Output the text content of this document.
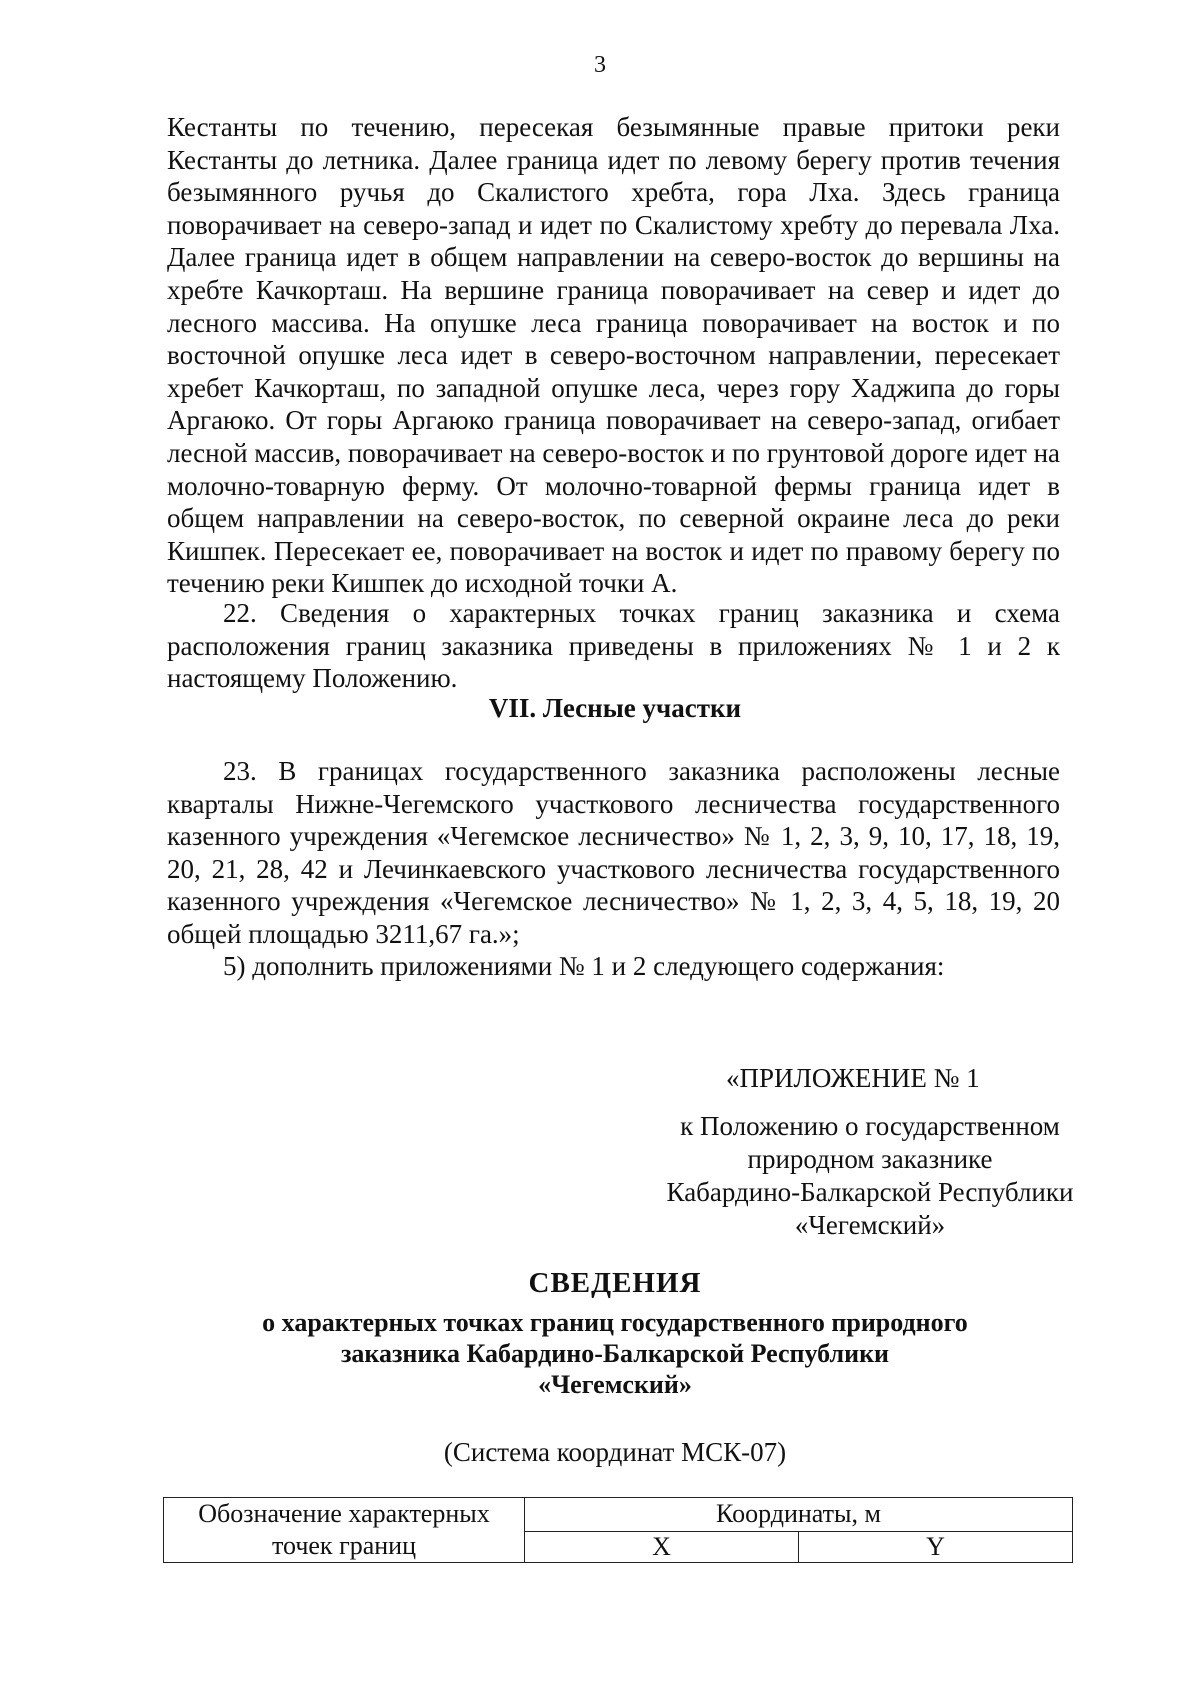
3

Кестанты по течению, пересекая безымянные правые притоки реки Кестанты до летника. Далее граница идет по левому берегу против течения безымянного ручья до Скалистого хребта, гора Лха. Здесь граница поворачивает на северо-запад и идет по Скалистому хребту до перевала Лха. Далее граница идет в общем направлении на северо-восток до вершины на хребте Качкорташ. На вершине граница поворачивает на север и идет до лесного массива. На опушке леса граница поворачивает на восток и по восточной опушке леса идет в северо-восточном направлении, пересекает хребет Качкорташ, по западной опушке леса, через гору Хаджипа до горы Аргаюко. От горы Аргаюко граница поворачивает на северо-запад, огибает лесной массив, поворачивает на северо-восток и по грунтовой дороге идет на молочно-товарную ферму. От молочно-товарной фермы граница идет в общем направлении на северо-восток, по северной окраине леса до реки Кишпек. Пересекает ее, поворачивает на восток и идет по правому берегу по течению реки Кишпек до исходной точки А.

22. Сведения о характерных точках границ заказника и схема расположения границ заказника приведены в приложениях № 1 и 2 к настоящему Положению.

VII. Лесные участки

23. В границах государственного заказника расположены лесные кварталы Нижне-Чегемского участкового лесничества государственного казенного учреждения «Чегемское лесничество» № 1, 2, 3, 9, 10, 17, 18, 19, 20, 21, 28, 42 и Лечинкаевского участкового лесничества государственного казенного учреждения «Чегемское лесничество» № 1, 2, 3, 4, 5, 18, 19, 20 общей площадью 3211,67 га.»;

5) дополнить приложениями № 1 и 2 следующего содержания:

«ПРИЛОЖЕНИЕ № 1
к Положению о государственном
природном заказнике
Кабардино-Балкарской Республики
«Чегемский»
СВЕДЕНИЯ
о характерных точках границ государственного природного
заказника Кабардино-Балкарской Республики
«Чегемский»
(Система координат МСК-07)
Обозначение характерных
точек границ	Координаты, м	
	X	Y
